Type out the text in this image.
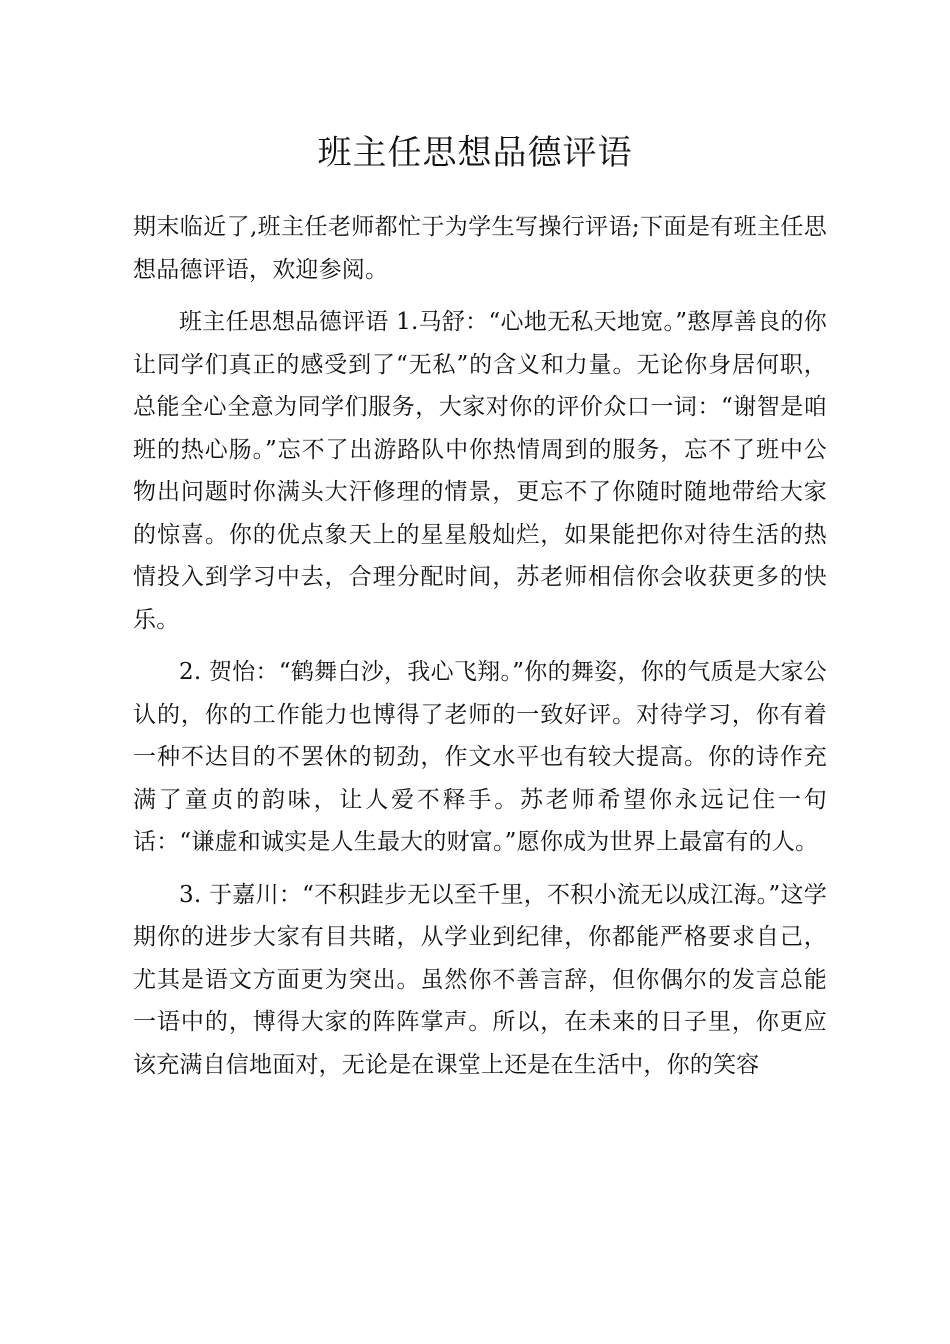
班主任思想品德评语

期末临近了,班主任老师都忙于为学生写操行评语;下面是有班主任思想品德评语，欢迎参阅。

班主任思想品德评语 1.马舒：“心地无私天地宽。”憨厚善良的你让同学们真正的感受到了“无私”的含义和力量。无论你身居何职，总能全心全意为同学们服务，大家对你的评价众口一词：“谢智是咱班的热心肠。”忘不了出游路队中你热情周到的服务，忘不了班中公物出问题时你满头大汗修理的情景，更忘不了你随时随地带给大家的惊喜。你的优点象天上的星星般灿烂，如果能把你对待生活的热情投入到学习中去，合理分配时间，苏老师相信你会收获更多的快乐。

2. 贺怡：“鹤舞白沙，我心飞翔。”你的舞姿，你的气质是大家公认的，你的工作能力也博得了老师的一致好评。对待学习，你有着一种不达目的不罢休的韧劲，作文水平也有较大提高。你的诗作充满了童贞的韵味，让人爱不释手。苏老师希望你永远记住一句话：“谦虚和诚实是人生最大的财富。”愿你成为世界上最富有的人。

3. 于嘉川：“不积跬步无以至千里，不积小流无以成江海。”这学期你的进步大家有目共睹，从学业到纪律，你都能严格要求自己，尤其是语文方面更为突出。虽然你不善言辞，但你偶尔的发言总能一语中的，博得大家的阵阵掌声。所以，在未来的日子里，你更应该充满自信地面对，无论是在课堂上还是在生活中，你的笑容
